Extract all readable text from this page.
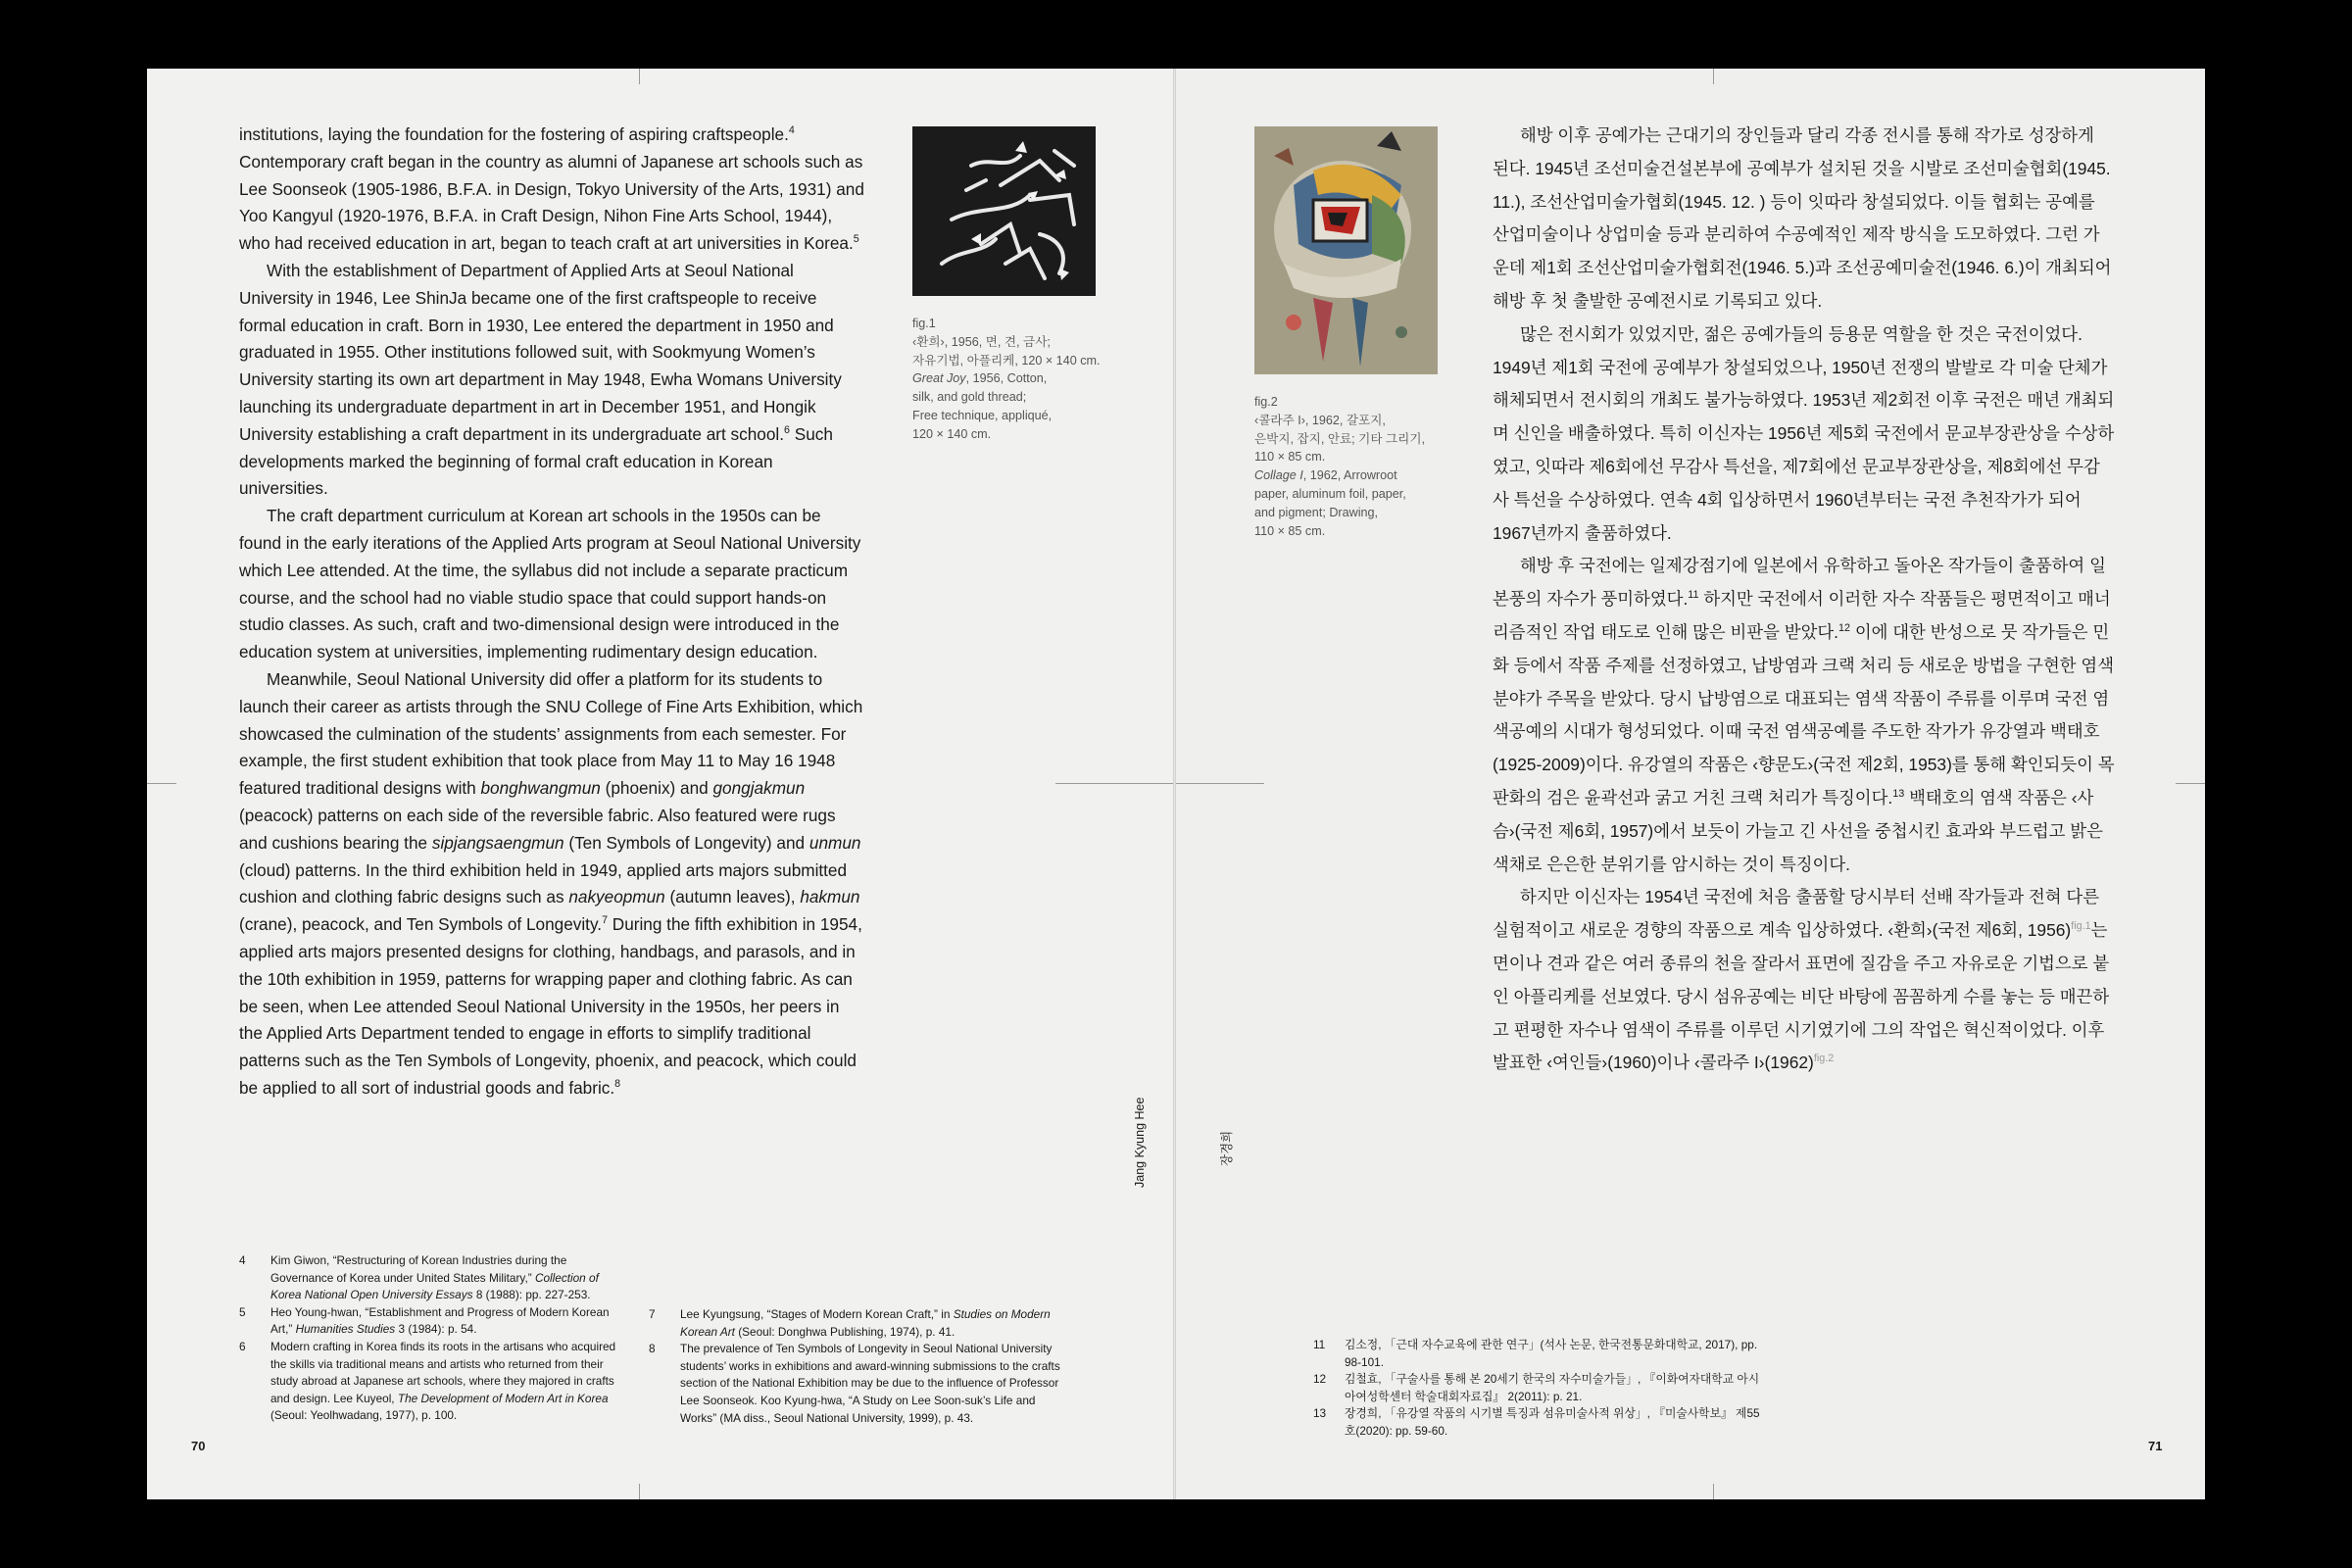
institutions, laying the foundation for the fostering of aspiring craftspeople.$^4$ Contemporary craft began in the country as alumni of Japanese art schools such as Lee Soonseok (1905-1986, B.F.A. in Design, Tokyo University of the Arts, 1931) and Yoo Kangyul (1920-1976, B.F.A. in Craft Design, Nihon Fine Arts School, 1944), who had received education in art, began to teach craft at art universities in Korea.$^5$

With the establishment of Department of Applied Arts at Seoul National University in 1946, Lee ShinJa became one of the first craftspeople to receive formal education in craft. Born in 1930, Lee entered the department in 1950 and graduated in 1955. Other institutions followed suit, with Sookmyung Women’s University starting its own art department in May 1948, Ewha Womans University launching its undergraduate department in art in December 1951, and Hongik University establishing a craft department in its undergraduate art school.$^6$ Such developments marked the beginning of formal craft education in Korean universities.

The craft department curriculum at Korean art schools in the 1950s can be found in the early iterations of the Applied Arts program at Seoul National University which Lee attended. At the time, the syllabus did not include a separate practicum course, and the school had no viable studio space that could support hands-on studio classes. As such, craft and two-dimensional design were introduced in the education system at universities, implementing rudimentary design education.

Meanwhile, Seoul National University did offer a platform for its students to launch their career as artists through the SNU College of Fine Arts Exhibition, which showcased the culmination of the students’ assignments from each semester. For example, the first student exhibition that took place from May 11 to May 16 1948 featured traditional designs with bonghwangmun (phoenix) and gongjakmun (peacock) patterns on each side of the reversible fabric. Also featured were rugs and cushions bearing the sipjangsaengmun (Ten Symbols of Longevity) and unmun (cloud) patterns. In the third exhibition held in 1949, applied arts majors submitted cushion and clothing fabric designs such as nakyeopmun (autumn leaves), hakmun (crane), peacock, and Ten Symbols of Longevity.$^7$ During the fifth exhibition in 1954, applied arts majors presented designs for clothing, handbags, and parasols, and in the 10th exhibition in 1959, patterns for wrapping paper and clothing fabric. As can be seen, when Lee attended Seoul National University in the 1950s, her peers in the Applied Arts Department tended to engage in efforts to simplify traditional patterns such as the Ten Symbols of Longevity, phoenix, and peacock, which could be applied to all sort of industrial goods and fabric.$^8$

fig.1
‹환희›, 1956, 면, 견, 금사;
자유기법, 아플리케, 120 × 140 cm.
Great Joy, 1956, Cotton,
silk, and gold thread;
Free technique, appliqué,
120 × 140 cm.
Jang Kyung Hee
4	Kim Giwon, “Restructuring of Korean Industries during the Governance of Korea under United States Military,” Collection of Korea National Open University Essays 8 (1988): pp. 227-253.
5	Heo Young-hwan, “Establishment and Progress of Modern Korean Art,” Humanities Studies 3 (1984): p. 54.
6	Modern crafting in Korea finds its roots in the artisans who acquired the skills via traditional means and artists who returned from their study abroad at Japanese art schools, where they majored in crafts and design. Lee Kuyeol, The Development of Modern Art in Korea (Seoul: Yeolhwadang, 1977), p. 100.
7	Lee Kyungsung, “Stages of Modern Korean Craft,” in Studies on Modern Korean Art (Seoul: Donghwa Publishing, 1974), p. 41.
8	The prevalence of Ten Symbols of Longevity in Seoul National University students’ works in exhibitions and award-winning submissions to the crafts section of the National Exhibition may be due to the influence of Professor Lee Soonseok. Koo Kyung-hwa, “A Study on Lee Soon-suk’s Life and Works” (MA diss., Seoul National University, 1999), p. 43.
70
fig.2
‹콜라주 I›, 1962, 갈포지,
은박지, 잡지, 안료; 기타 그리기,
110 × 85 cm.
Collage I, 1962, Arrowroot
paper, aluminum foil, paper,
and pigment; Drawing,
110 × 85 cm.
장경희

해방 이후 공예가는 근대기의 장인들과 달리 각종 전시를 통해 작가로 성장하게 된다. 1945년 조선미술건설본부에 공예부가 설치된 것을 시발로 조선미술협회(1945. 11.), 조선산업미술가협회(1945. 12. ) 등이 잇따라 창설되었다. 이들 협회는 공예를 산업미술이나 상업미술 등과 분리하여 수공예적인 제작 방식을 도모하였다. 그런 가운데 제1회 조선산업미술가협회전(1946. 5.)과 조선공예미술전(1946. 6.)이 개최되어 해방 후 첫 출발한 공예전시로 기록되고 있다.

많은 전시회가 있었지만, 젊은 공예가들의 등용문 역할을 한 것은 국전이었다. 1949년 제1회 국전에 공예부가 창설되었으나, 1950년 전쟁의 발발로 각 미술 단체가 해체되면서 전시회의 개최도 불가능하였다. 1953년 제2회전 이후 국전은 매년 개최되며 신인을 배출하였다. 특히 이신자는 1956년 제5회 국전에서 문교부장관상을 수상하였고, 잇따라 제6회에선 무감사 특선을, 제7회에선 문교부장관상을, 제8회에선 무감사 특선을 수상하였다. 연속 4회 입상하면서 1960년부터는 국전 추천작가가 되어 1967년까지 출품하였다.

해방 후 국전에는 일제강점기에 일본에서 유학하고 돌아온 작가들이 출품하여 일본풍의 자수가 풍미하였다.$^{11}$ 하지만 국전에서 이러한 자수 작품들은 평면적이고 매너리즘적인 작업 태도로 인해 많은 비판을 받았다.$^{12}$ 이에 대한 반성으로 뭇 작가들은 민화 등에서 작품 주제를 선정하였고, 납방염과 크랙 처리 등 새로운 방법을 구현한 염색 분야가 주목을 받았다. 당시 납방염으로 대표되는 염색 작품이 주류를 이루며 국전 염색공예의 시대가 형성되었다. 이때 국전 염색공예를 주도한 작가가 유강열과 백태호(1925-2009)이다. 유강열의 작품은 ‹향문도›(국전 제2회, 1953)를 통해 확인되듯이 목판화의 검은 윤곽선과 굵고 거친 크랙 처리가 특징이다.$^{13}$ 백태호의 염색 작품은 ‹사슴›(국전 제6회, 1957)에서 보듯이 가늘고 긴 사선을 중첩시킨 효과와 부드럽고 밝은 색채로 은은한 분위기를 암시하는 것이 특징이다.

하지만 이신자는 1954년 국전에 처음 출품할 당시부터 선배 작가들과 전혀 다른 실험적이고 새로운 경향의 작품으로 계속 입상하였다. ‹환희›(국전 제6회, 1956)$^{fig.1}$는 면이나 견과 같은 여러 종류의 천을 잘라서 표면에 질감을 주고 자유로운 기법으로 붙인 아플리케를 선보였다. 당시 섬유공예는 비단 바탕에 꼼꼼하게 수를 놓는 등 매끈하고 편평한 자수나 염색이 주류를 이루던 시기였기에 그의 작업은 혁신적이었다. 이후 발표한 ‹여인들›(1960)이나 ‹콜라주 $I›(1962)^{fig.2}$

11	김소정, 「근대 자수교육에 관한 연구」(석사 논문, 한국전통문화대학교, 2017), pp. 98-101.
12	김철효, 「구술사를 통해 본 20세기 한국의 자수미술가들」, 『이화여자대학교 아시아여성학센터 학술대회자료집』 2(2011): p. 21.
13	장경희, 「유강열 작품의 시기별 특징과 섬유미술사적 위상」, 『미술사학보』 제55호(2020): pp. 59-60.
71
